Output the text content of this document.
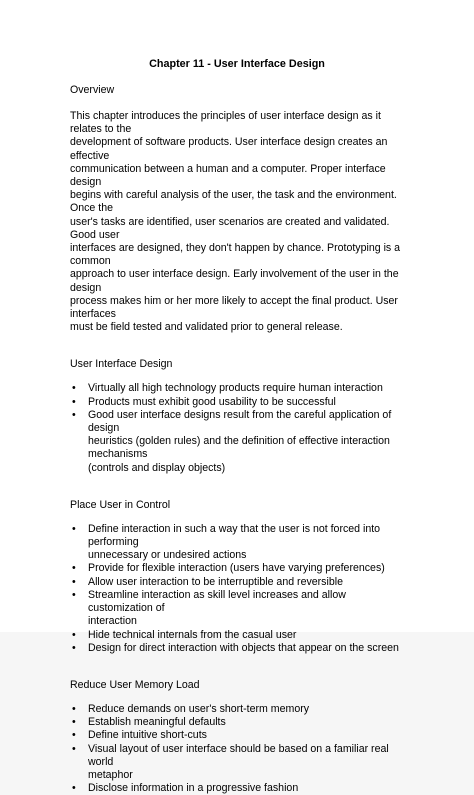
Chapter 11 - User Interface Design
Overview

This chapter introduces the principles of user interface design as it relates to the
development of software products. User interface design creates an effective
communication between a human and a computer. Proper interface design
begins with careful analysis of the user, the task and the environment. Once the
user's tasks are identified, user scenarios are created and validated. Good user
interfaces are designed, they don't happen by chance. Prototyping is a common
approach to user interface design. Early involvement of the user in the design
process makes him or her more likely to accept the final product. User interfaces
must be field tested and validated prior to general release.

User Interface Design
• Virtually all high technology products require human interaction
• Products must exhibit good usability to be successful
• Good user interface designs result from the careful application of design
heuristics (golden rules) and the definition of effective interaction mechanisms
(controls and display objects)
Place User in Control
• Define interaction in such a way that the user is not forced into performing
unnecessary or undesired actions
• Provide for flexible interaction (users have varying preferences)
• Allow user interaction to be interruptible and reversible
• Streamline interaction as skill level increases and allow customization of
interaction
• Hide technical internals from the casual user
• Design for direct interaction with objects that appear on the screen
Reduce User Memory Load
• Reduce demands on user's short-term memory
• Establish meaningful defaults
• Define intuitive short-cuts
• Visual layout of user interface should be based on a familiar real world
metaphor
• Disclose information in a progressive fashion
